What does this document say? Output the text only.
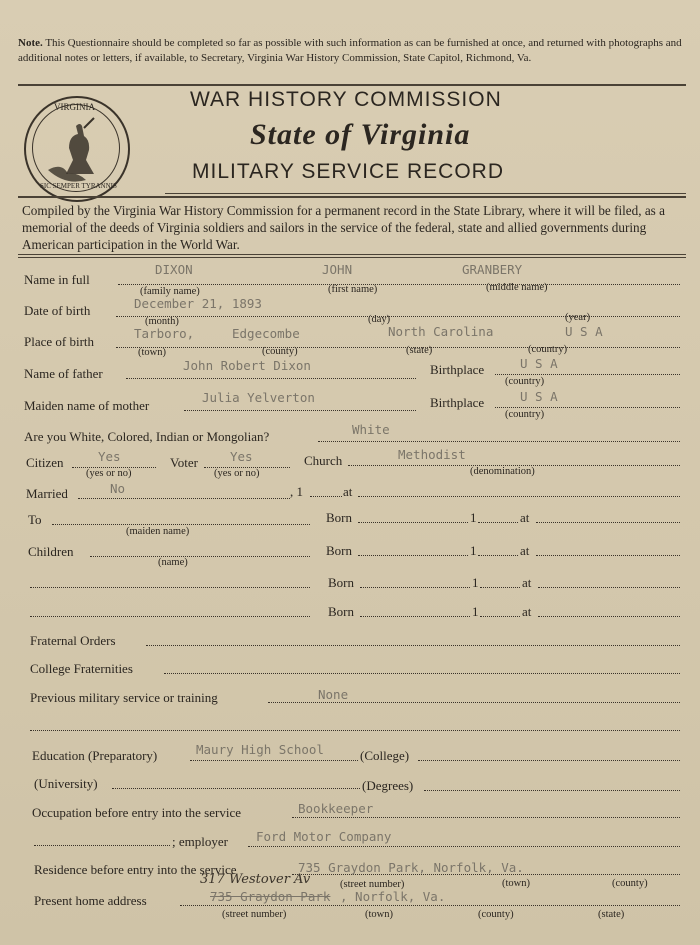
Note. This Questionnaire should be completed so far as possible with such information as can be furnished at once, and returned with photographs and additional notes or letters, if available, to Secretary, Virginia War History Commission, State Capitol, Richmond, Va.
VIRGINIA
SIC SEMPER TYRANNIS
WAR HISTORY COMMISSION
State of Virginia
MILITARY SERVICE RECORD
Compiled by the Virginia War History Commission for a permanent record in the State Library, where it will be filed, as a memorial of the deeds of Virginia soldiers and sailors in the service of the federal, state and allied governments during American participation in the World War.
Name in full
DIXON	JOHN	GRANBERY
(family name)	(first name)	(middle name)
Date of birth	December 21, 1893
(month)	(day)	(year)
Place of birth
Tarboro,	Edgecombe	North Carolina	U S A
(town)	(county)	(state)	(country)
Name of father
John Robert Dixon	Birthplace	U S A
(country)
Maiden name of mother
Julia Yelverton	Birthplace	U S A
(country)
Are you White, Colored, Indian or Mongolian?	White
Citizen	Yes
(yes or no)
Voter	Yes
(yes or no)
Church	Methodist
(denomination)
Married	No	, 1	at
To
(maiden name)
Born	1	at
Children
(name)
Born	1	at
Born	1	at
Born	1	at
Fraternal Orders
College Fraternities
Previous military service or training	None
Education (Preparatory)	Maury High School	(College)
(University)	(Degrees)
Occupation before entry into the service	Bookkeeper
; employer Ford Motor Company
Residence before entry into the service	735 Graydon Park, Norfolk, Va.
(street number)	(town)	(county)
Present home address
317 Westover Av
735 Graydon Park , Norfolk, Va.
(street number)	(town)	(county)	(state)
